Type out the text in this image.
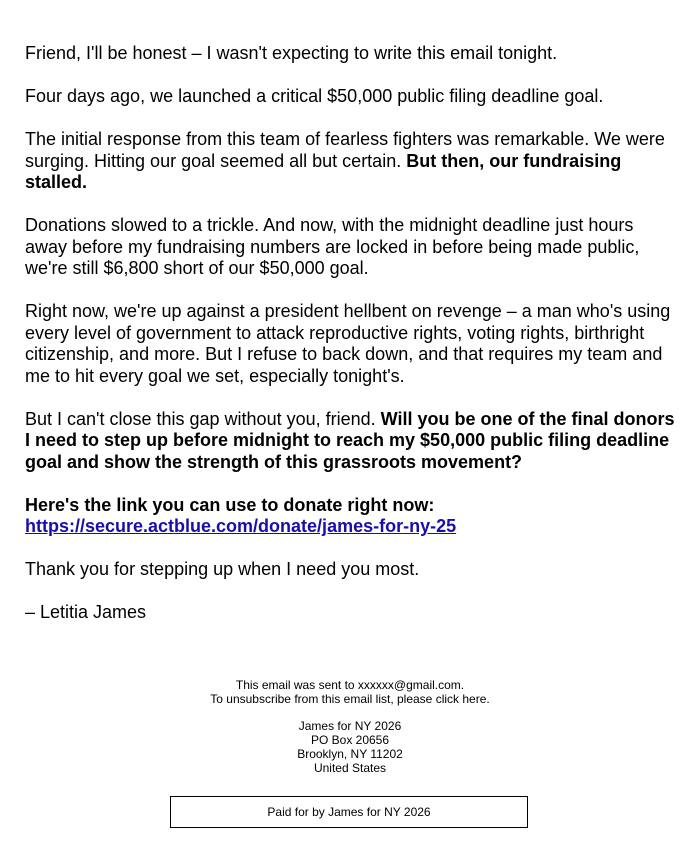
Friend, I'll be honest – I wasn't expecting to write this email tonight.

Four days ago, we launched a critical $50,000 public filing deadline goal.

The initial response from this team of fearless fighters was remarkable. We were surging. Hitting our goal seemed all but certain. But then, our fundraising stalled.

Donations slowed to a trickle. And now, with the midnight deadline just hours away before my fundraising numbers are locked in before being made public, we're still $6,800 short of our $50,000 goal.

Right now, we're up against a president hellbent on revenge – a man who's using every level of government to attack reproductive rights, voting rights, birthright citizenship, and more. But I refuse to back down, and that requires my team and me to hit every goal we set, especially tonight's.

But I can't close this gap without you, friend. Will you be one of the final donors I need to step up before midnight to reach my $50,000 public filing deadline goal and show the strength of this grassroots movement?

Here's the link you can use to donate right now:
https://secure.actblue.com/donate/james-for-ny-25

Thank you for stepping up when I need you most.

– Letitia James

This email was sent to xxxxxx@gmail.com.

To unsubscribe from this email list, please click here.

James for NY 2026

PO Box 20656

Brooklyn, NY 11202

United States

Paid for by James for NY 2026
